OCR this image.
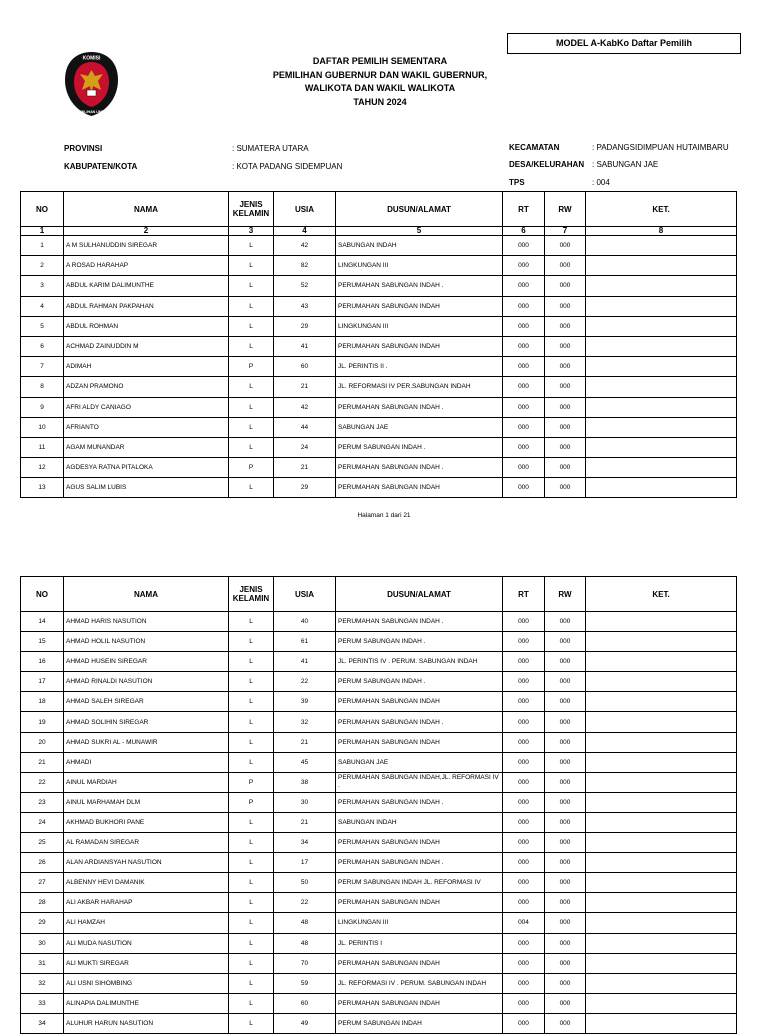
MODEL A-KabKo Daftar Pemilih
KOMISI
PEMILIHAN UMUM
DAFTAR PEMILIH SEMENTARA
PEMILIHAN GUBERNUR DAN WAKIL GUBERNUR,
WALIKOTA DAN WAKIL WALIKOTA
TAHUN 2024
PROVINSI	: SUMATERA UTARA
KABUPATEN/KOTA	: KOTA PADANG SIDEMPUAN
KECAMATAN	: PADANGSIDIMPUAN HUTAIMBARU
DESA/KELURAHAN : SABUNGAN JAE
TPS	: 004
NO	NAMA	JENIS
KELAMIN	USIA	DUSUN/ALAMAT	RT	RW	KET.
1	2	3	4	5	6	7	8
1	A M SULHANUDDIN SIREGAR	L	42	SABUNGAN INDAH	000	000	
2	A ROSAD HARAHAP	L	82	LINGKUNGAN III	000	000	
3	ABDUL KARIM DALIMUNTHE	L	52	PERUMAHAN SABUNGAN INDAH .	000	000	
4	ABDUL RAHMAN PAKPAHAN	L	43	PERUMAHAN SABUNGAN INDAH	000	000	
5	ABDUL ROHMAN	L	29	LINGKUNGAN III	000	000	
6	ACHMAD ZAINUDDIN M	L	41	PERUMAHAN SABUNGAN INDAH	000	000	
7	ADIMAH	P	60	JL. PERINTIS II .	000	000	
8	ADZAN PRAMONO	L	21	JL. REFORMASI IV PER.SABUNGAN INDAH	000	000	
9	AFRI ALDY CANIAGO	L	42	PERUMAHAN SABUNGAN INDAH .	000	000	
10	AFRIANTO	L	44	SABUNGAN JAE	000	000	
11	AGAM MUNANDAR	L	24	PERUM SABUNGAN INDAH .	000	000	
12	AGDESYA RATNA PITALOKA	P	21	PERUMAHAN SABUNGAN INDAH .	000	000	
13	AGUS SALIM LUBIS	L	29	PERUMAHAN SABUNGAN INDAH	000	000	
Halaman 1 dari 21
NO	NAMA	JENIS
KELAMIN	USIA	DUSUN/ALAMAT	RT	RW	KET.
14	AHMAD HARIS NASUTION	L	40	PERUMAHAN SABUNGAN INDAH .	000	000	
15	AHMAD HOLIL NASUTION	L	61	PERUM SABUNGAN INDAH .	000	000	
16	AHMAD HUSEIN SIREGAR	L	41	JL. PERINTIS IV . PERUM. SABUNGAN INDAH	000	000	
17	AHMAD RINALDI NASUTION	L	22	PERUM SABUNGAN INDAH .	000	000	
18	AHMAD SALEH SIREGAR	L	39	PERUMAHAN SABUNGAN INDAH	000	000	
19	AHMAD SOLIHIN SIREGAR	L	32	PERUMAHAN SABUNGAN INDAH .	000	000	
20	AHMAD SUKRI AL - MUNAWIR	L	21	PERUMAHAN SABUNGAN INDAH	000	000	
21	AHMADI	L	45	SABUNGAN JAE	000	000	
22	AINUL MARDIAH	P	38	PERUMAHAN SABUNGAN INDAH,JL. REFORMASI IV .	000	000	
23	AINUL MARHAMAH DLM	P	30	PERUMAHAN SABUNGAN INDAH .	000	000	
24	AKHMAD BUKHORI PANE	L	21	SABUNGAN INDAH	000	000	
25	AL RAMADAN SIREGAR	L	34	PERUMAHAN SABUNGAN INDAH	000	000	
26	ALAN ARDIANSYAH NASUTION	L	17	PERUMAHAN SABUNGAN INDAH .	000	000	
27	ALBENNY HEVI DAMANIK	L	50	PERUM SABUNGAN INDAH JL. REFORMASI IV	000	000	
28	ALI AKBAR HARAHAP	L	22	PERUMAHAN SABUNGAN INDAH	000	000	
29	ALI HAMZAH	L	48	LINGKUNGAN III	004	000	
30	ALI MUDA NASUTION	L	48	JL. PERINTIS I	000	000	
31	ALI MUKTI SIREGAR	L	70	PERUMAHAN SABUNGAN INDAH	000	000	
32	ALI USNI SIHOMBING	L	59	JL. REFORMASI IV . PERUM. SABUNGAN INDAH	000	000	
33	ALINAPIA DALIMUNTHE	L	60	PERUMAHAN SABUNGAN INDAH	000	000	
34	ALUHUR HARUN NASUTION	L	49	PERUM SABUNGAN INDAH	000	000	
